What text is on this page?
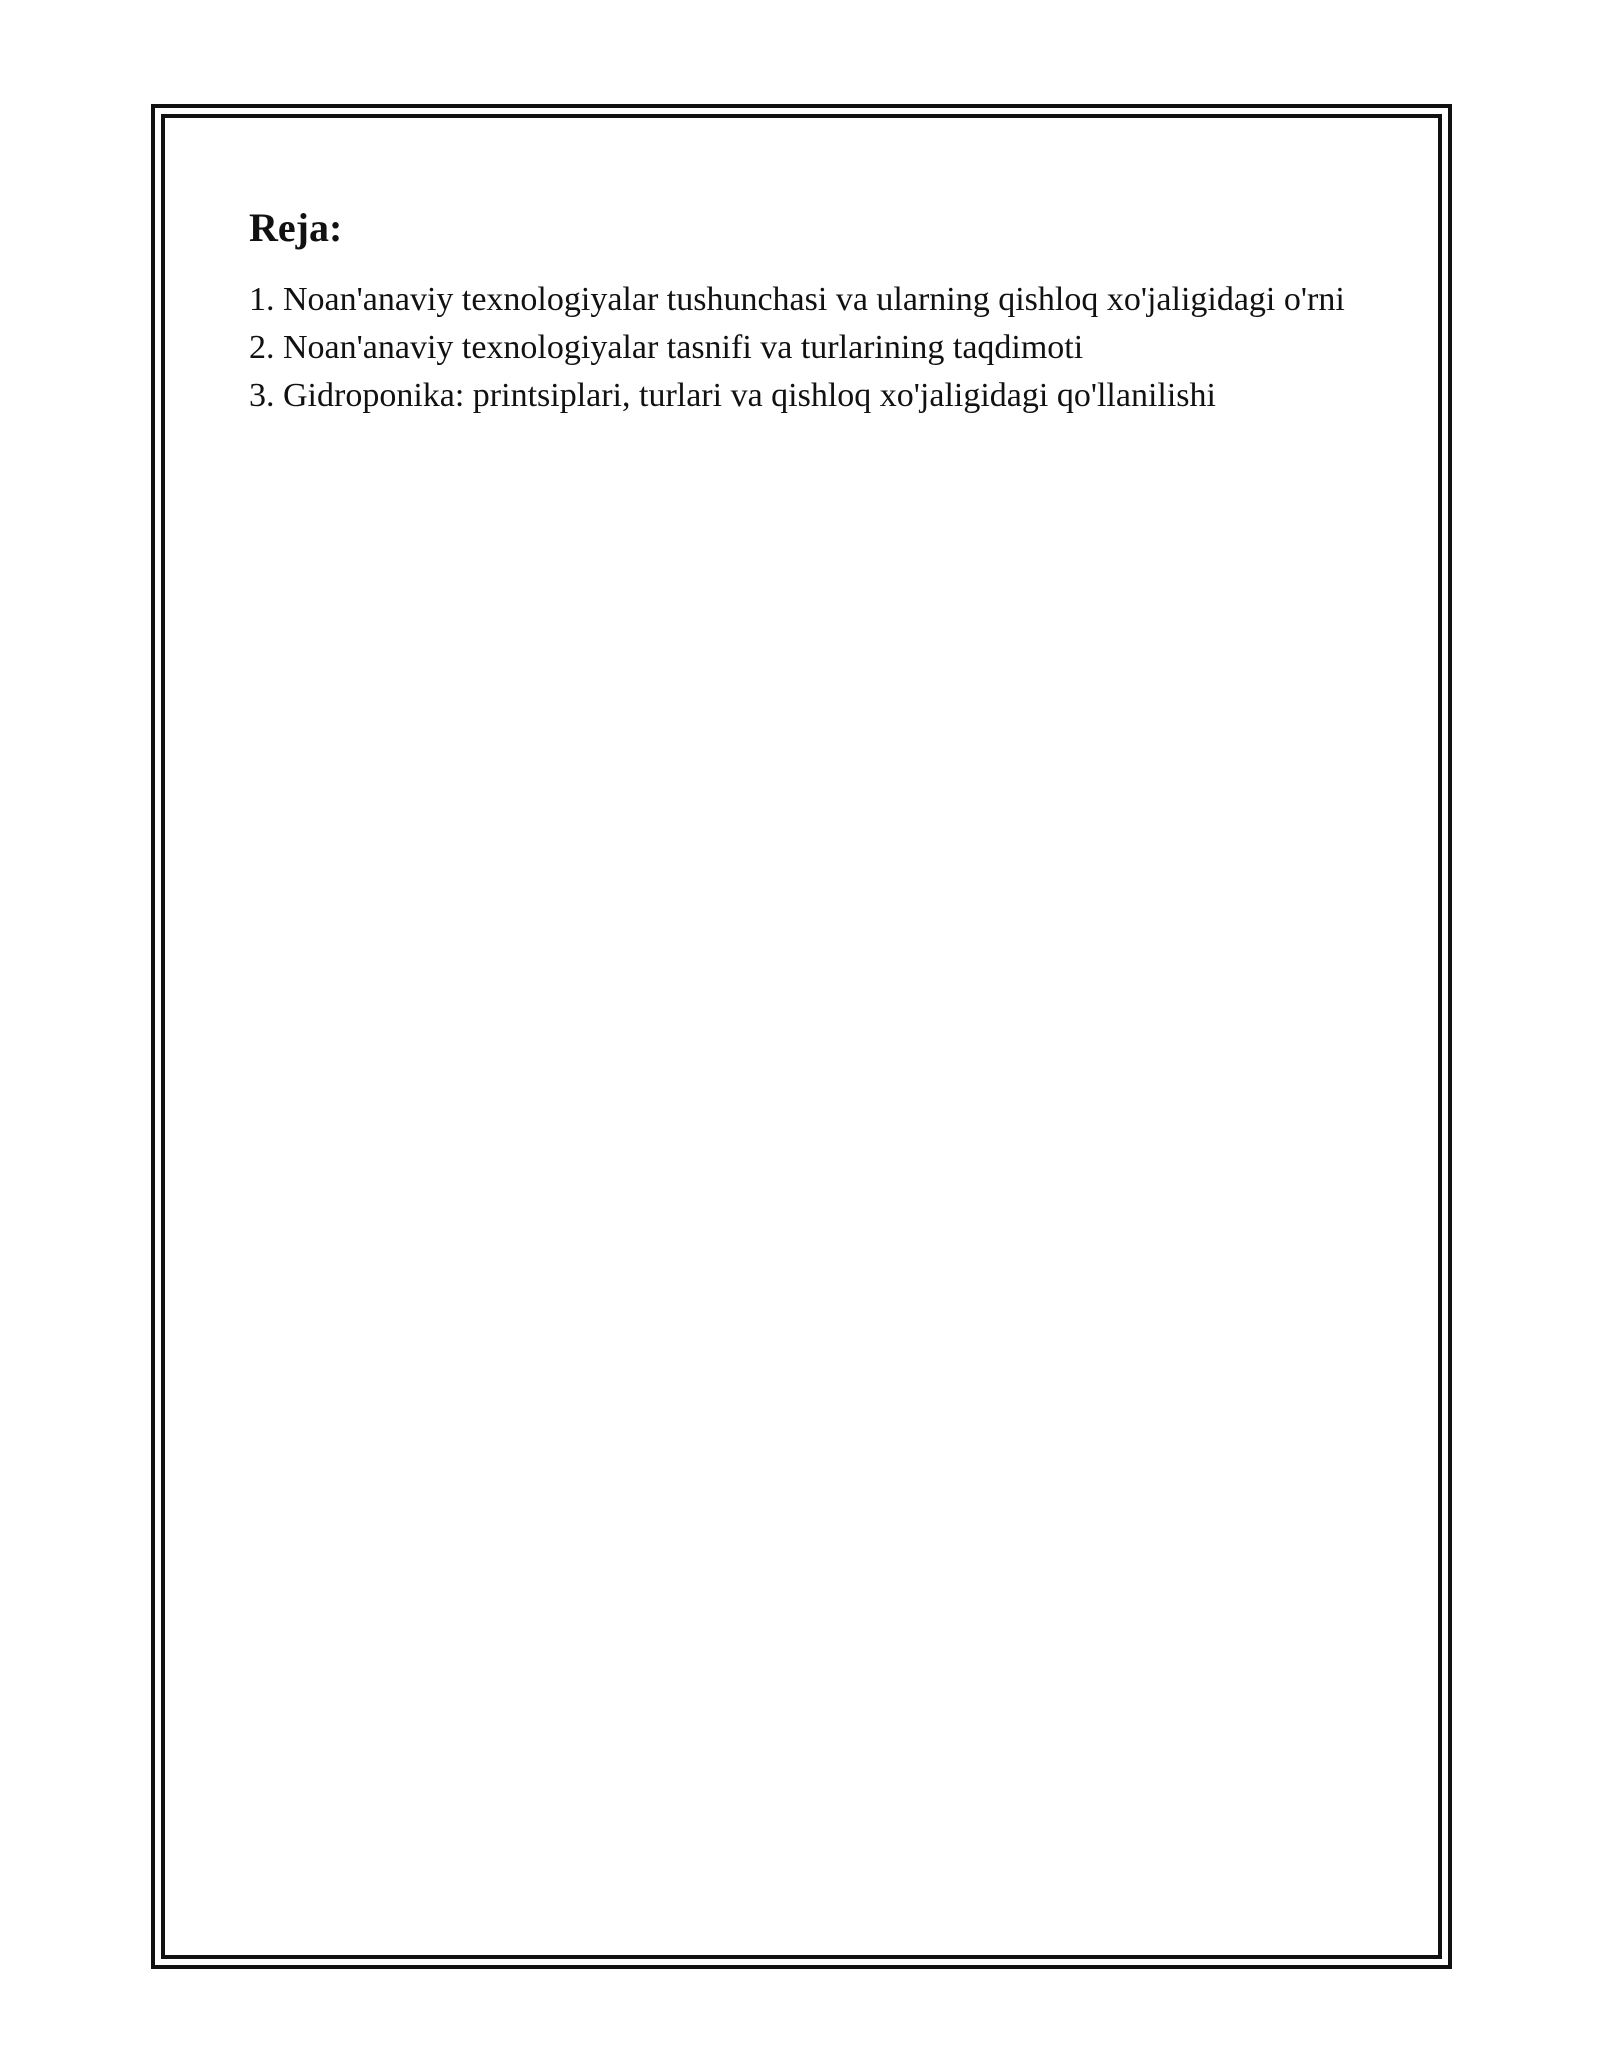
Reja:
1. Noan'anaviy texnologiyalar tushunchasi va ularning qishloq xo'jaligidagi o'rni
2. Noan'anaviy texnologiyalar tasnifi va turlarining taqdimoti
3. Gidroponika: printsiplari, turlari va qishloq xo'jaligidagi qo'llanilishi
